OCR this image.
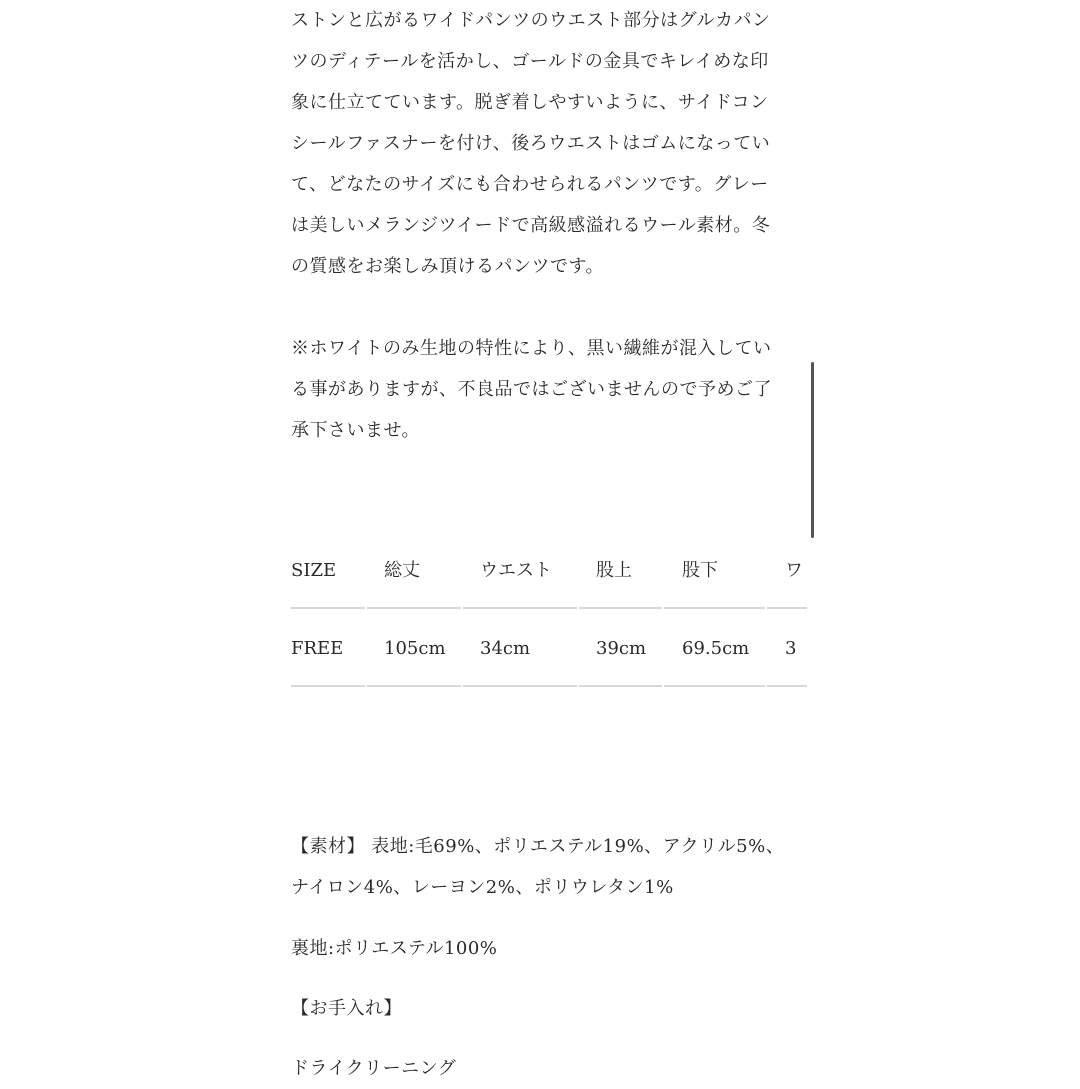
ストンと広がるワイドパンツのウエスト部分はグルカパン
ツのディテールを活かし、ゴールドの金具でキレイめな印
象に仕立てています。脱ぎ着しやすいように、サイドコン
シールファスナーを付け、後ろウエストはゴムになってい
て、どなたのサイズにも合わせられるパンツです。グレー
は美しいメランジツイードで高級感溢れるウール素材。冬
の質感をお楽しみ頂けるパンツです。
※ホワイトのみ生地の特性により、黒い繊維が混入してい
る事がありますが、不良品ではございませんので予めご了
承下さいませ。
SIZE	総丈	ウエスト 股上	股下	ワ
FREE 105cm 34cm	39cm 69.5cm 3
【素材】 表地:毛69%、ポリエステル19%、アクリル5%、
ナイロン4%、レーヨン2%、ポリウレタン1%
裏地:ポリエステル100%
【お手入れ】
ドライクリーニング
